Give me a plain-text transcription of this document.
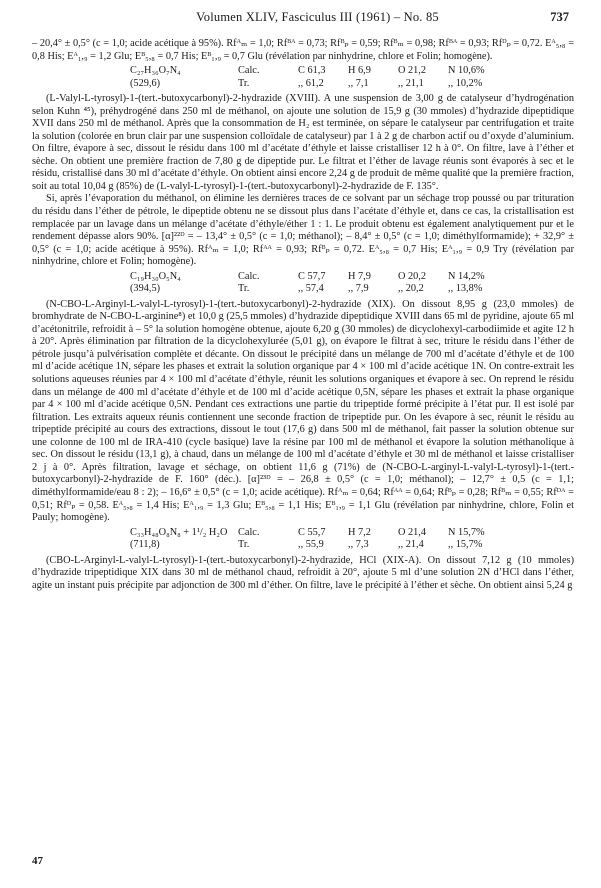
Volumen XLIV, Fasciculus III (1961) – No. 85	737

– 20,4° ± 0,5° (c = 1,0; acide acétique à 95%). Rfᴬₘ = 1,0; Rfᴮᴬ = 0,73; Rfᴮₚ = 0,59; Rfᴮₘ = 0,98; Rfᴮᴬ = 0,93; Rfᴰₚ = 0,72. Eᴬ₅,₈ = 0,8 His; Eᴬ₁,₉ = 1,2 Glu; Eᴮ₅,₈ = 0,7 His; Eᴮ₁,₉ = 0,7 Glu (révélation par ninhydrine, chlore et Folin; homogène).

C₂₇H₃₆O₇N₄	Calc.	C 61,3	H 6,9	O 21,2	N 10,6%
(529,6)	Tr.	,, 61,2	,, 7,1	,, 21,1	,, 10,2%

(L-Valyl-L-tyrosyl)-1-(tert.-butoxycarbonyl)-2-hydrazide (XVIII). A une suspension de 3,00 g de catalyseur d’hydrogénation selon Kuhn ⁴⁵), préhydrogéné dans 250 ml de méthanol, on ajoute une solution de 15,9 g (30 mmoles) d’hydrazide dipeptidique XVII dans 250 ml de méthanol. Après que la consommation de H₂ est terminée, on sépare le catalyseur par centrifugation et traite la solution (colorée en brun clair par une suspension colloïdale de catalyseur) par 1 à 2 g de charbon actif ou d’oxyde d’aluminium. On filtre, évapore à sec, dissout le résidu dans 100 ml d’acétate d’éthyle et laisse cristalliser 12 h à 0°. On filtre, lave à l’éther et sèche. On obtient une première fraction de 7,80 g de dipeptide pur. Le filtrat et l’éther de lavage réunis sont évaporés à sec et le résidu, cristallisé dans 30 ml d’acétate d’éthyle. On obtient ainsi encore 2,24 g de produit de même qualité que la première fraction, soit au total 10,04 g (85%) de (L-valyl-L-tyrosyl)-1-(tert.-butoxycarbonyl)-2-hydrazide de F. 135°.

Si, après l’évaporation du méthanol, on élimine les dernières traces de ce solvant par un séchage trop poussé ou par trituration du résidu dans l’éther de pétrole, le dipeptide obtenu ne se dissout plus dans l’acétate d’éthyle et, dans ce cas, la cristallisation est remplacée par un lavage dans un mélange d’acétate d’éthyle/éther 1 : 1. Le produit obtenu est également analytiquement pur et le rendement dépasse alors 90%. [α]²²ᴰ = – 13,4° ± 0,5° (c = 1,0; méthanol); – 8,4° ± 0,5° (c = 1,0; diméthylformamide); + 32,9° ± 0,5° (c = 1,0; acide acétique à 95%). Rfᴬₘ = 1,0; Rfᴬᴬ = 0,93; Rfᴮₚ = 0,72. Eᴬ₅,₈ = 0,7 His; Eᴬ₁,₉ = 0,9 Try (révélation par ninhydrine, chlore et Folin; homogène).

C₁₉H₃₀O₅N₄	Calc.	C 57,7	H 7,9	O 20,2	N 14,2%
(394,5)	Tr.	,, 57,4	,, 7,9	,, 20,2	,, 13,8%

(N-CBO-L-Arginyl-L-valyl-L-tyrosyl)-1-(tert.-butoxycarbonyl)-2-hydrazide (XIX). On dissout 8,95 g (23,0 mmoles) de bromhydrate de N-CBO-L-arginine⁸) et 10,0 g (25,5 mmoles) d’hydrazide dipeptidique XVIII dans 65 ml de pyridine, ajoute 65 ml d’acétonitrile, refroidit à – 5° la solution homogène obtenue, ajoute 6,20 g (30 mmoles) de dicyclohexyl-carbodiimide et agite 12 h à 20°. Après élimination par filtration de la dicyclohexylurée (5,01 g), on évapore le filtrat à sec, triture le résidu dans l’éther de pétrole jusqu’à pulvérisation complète et décante. On dissout le précipité dans un mélange de 700 ml d’acétate d’éthyle et de 100 ml d’acide acétique 1N, sépare les phases et extrait la solution organique par 4 × 100 ml d’acide acétique 1N. On contre-extrait les solutions aqueuses réunies par 4 × 100 ml d’acétate d’éthyle, réunit les solutions organiques et évapore à sec. On reprend le résidu dans un mélange de 400 ml d’acétate d’éthyle et de 100 ml d’acide acétique 0,5N, sépare les phases et extrait la phase organique par 4 × 100 ml d’acide acétique 0,5N. Pendant ces extractions une partie du tripeptide formé précipite à l’état pur. Il est isolé par filtration. Les extraits aqueux réunis contiennent une seconde fraction de tripeptide pur. On les évapore à sec, réunit le résidu au tripeptide précipité au cours des extractions, dissout le tout (17,6 g) dans 500 ml de méthanol, fait passer la solution obtenue sur une colonne de 100 ml de IRA-410 (cycle basique) lave la résine par 100 ml de méthanol et évapore la solution méthanolique à sec. On dissout le résidu (13,1 g), à chaud, dans un mélange de 100 ml d’acétate d’éthyle et 30 ml de méthanol et laisse cristalliser 2 j à 0°. Après filtration, lavage et séchage, on obtient 11,6 g (71%) de (N-CBO-L-arginyl-L-valyl-L-tyrosyl)-1-(tert.-butoxycarbonyl)-2-hydrazide de F. 160° (déc.). [α]²³ᴰ = – 26,8 ± 0,5° (c = 1,0; méthanol); – 12,7° ± 0,5 (c = 1,1; diméthylformamide/eau 8 : 2); – 16,6° ± 0,5° (c = 1,0; acide acétique). Rfᴬₘ = 0,64; Rfᴬᴬ = 0,64; Rfᴮₚ = 0,28; Rfᴮₘ = 0,55; Rfᴰᴬ = 0,51; Rfᴰₚ = 0,58. Eᴬ₅,₈ = 1,4 His; Eᴬ₁,₉ = 1,3 Glu; Eᴮ₅,₈ = 1,1 His; Eᴮ₁,₉ = 1,1 Glu (révélation par ninhydrine, chlore, Folin et Pauly; homogène).

C₃₃H₄₈O₈N₈ + 1¹/₂ H₂O	Calc.	C 55,7	H 7,2	O 21,4	N 15,7%
(711,8)	Tr.	,, 55,9	,, 7,3	,, 21,4	,, 15,7%

(CBO-L-Arginyl-L-valyl-L-tyrosyl)-1-(tert.-butoxycarbonyl)-2-hydrazide, HCl (XIX-A). On dissout 7,12 g (10 mmoles) d’hydrazide tripeptidique XIX dans 30 ml de méthanol chaud, refroidit à 20°, ajoute 5 ml d’une solution 2N d’HCl dans l’éther, agite un instant puis précipite par adjonction de 300 ml d’éther. On filtre, lave le précipité à l’éther et sèche. On obtient ainsi 5,24 g

47
